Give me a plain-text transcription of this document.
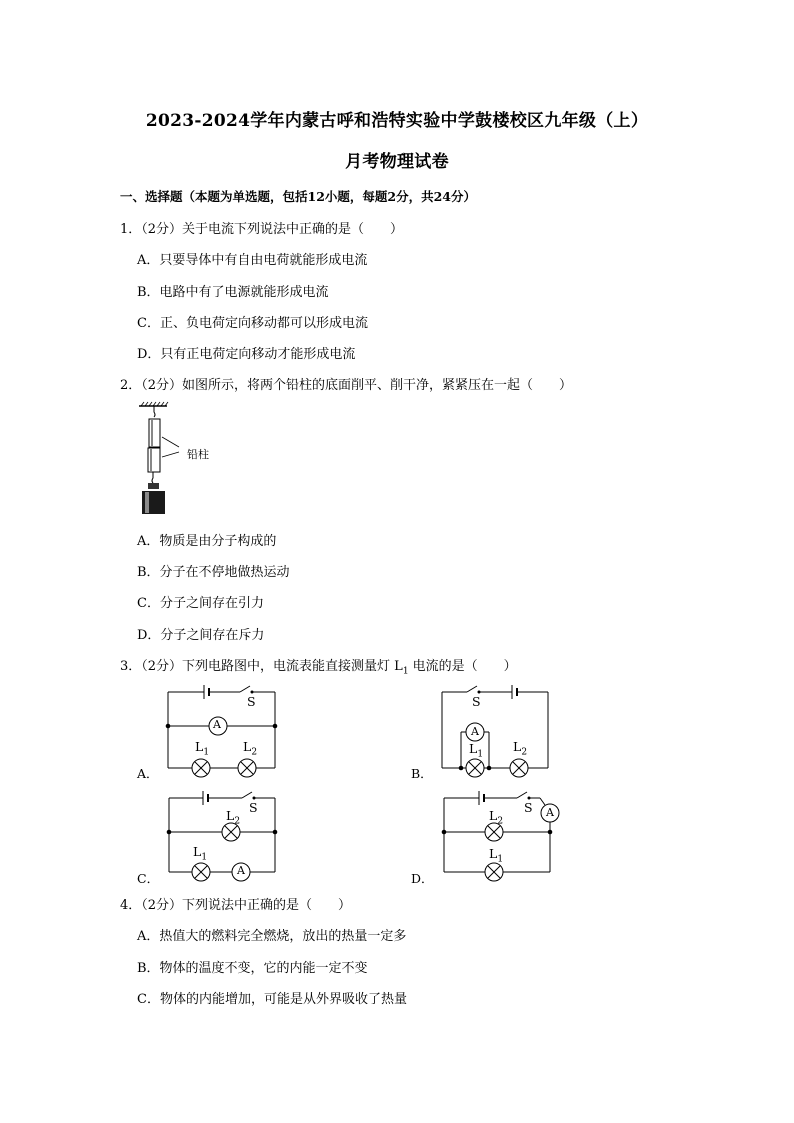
2023-2024学年内蒙古呼和浩特实验中学鼓楼校区九年级（上）
月考物理试卷
一、选择题（本题为单选题，包括12小题，每题2分，共24分）
1．（2分）关于电流下列说法中正确的是（　　）
A．只要导体中有自由电荷就能形成电流
B．电路中有了电源就能形成电流
C．正、负电荷定向移动都可以形成电流
D．只有正电荷定向移动才能形成电流
2．（2分）如图所示，将两个铅柱的底面削平、削干净，紧紧压在一起（　　）
铅柱
A．物质是由分子构成的
B．分子在不停地做热运动
C．分子之间存在引力
D．分子之间存在斥力
3．（2分）下列电路图中，电流表能直接测量灯 $L_1$ 电流的是（　　）
S
A
$L_1$	$L_2$
A．
S
A
$L_1$
$L_2$
B．
S
$L_2$
$L_1$
A
C．
S A
$L_2$
$L_1$
D．
4．（2分）下列说法中正确的是（　　）
A．热值大的燃料完全燃烧，放出的热量一定多
B．物体的温度不变，它的内能一定不变
C．物体的内能增加，可能是从外界吸收了热量
